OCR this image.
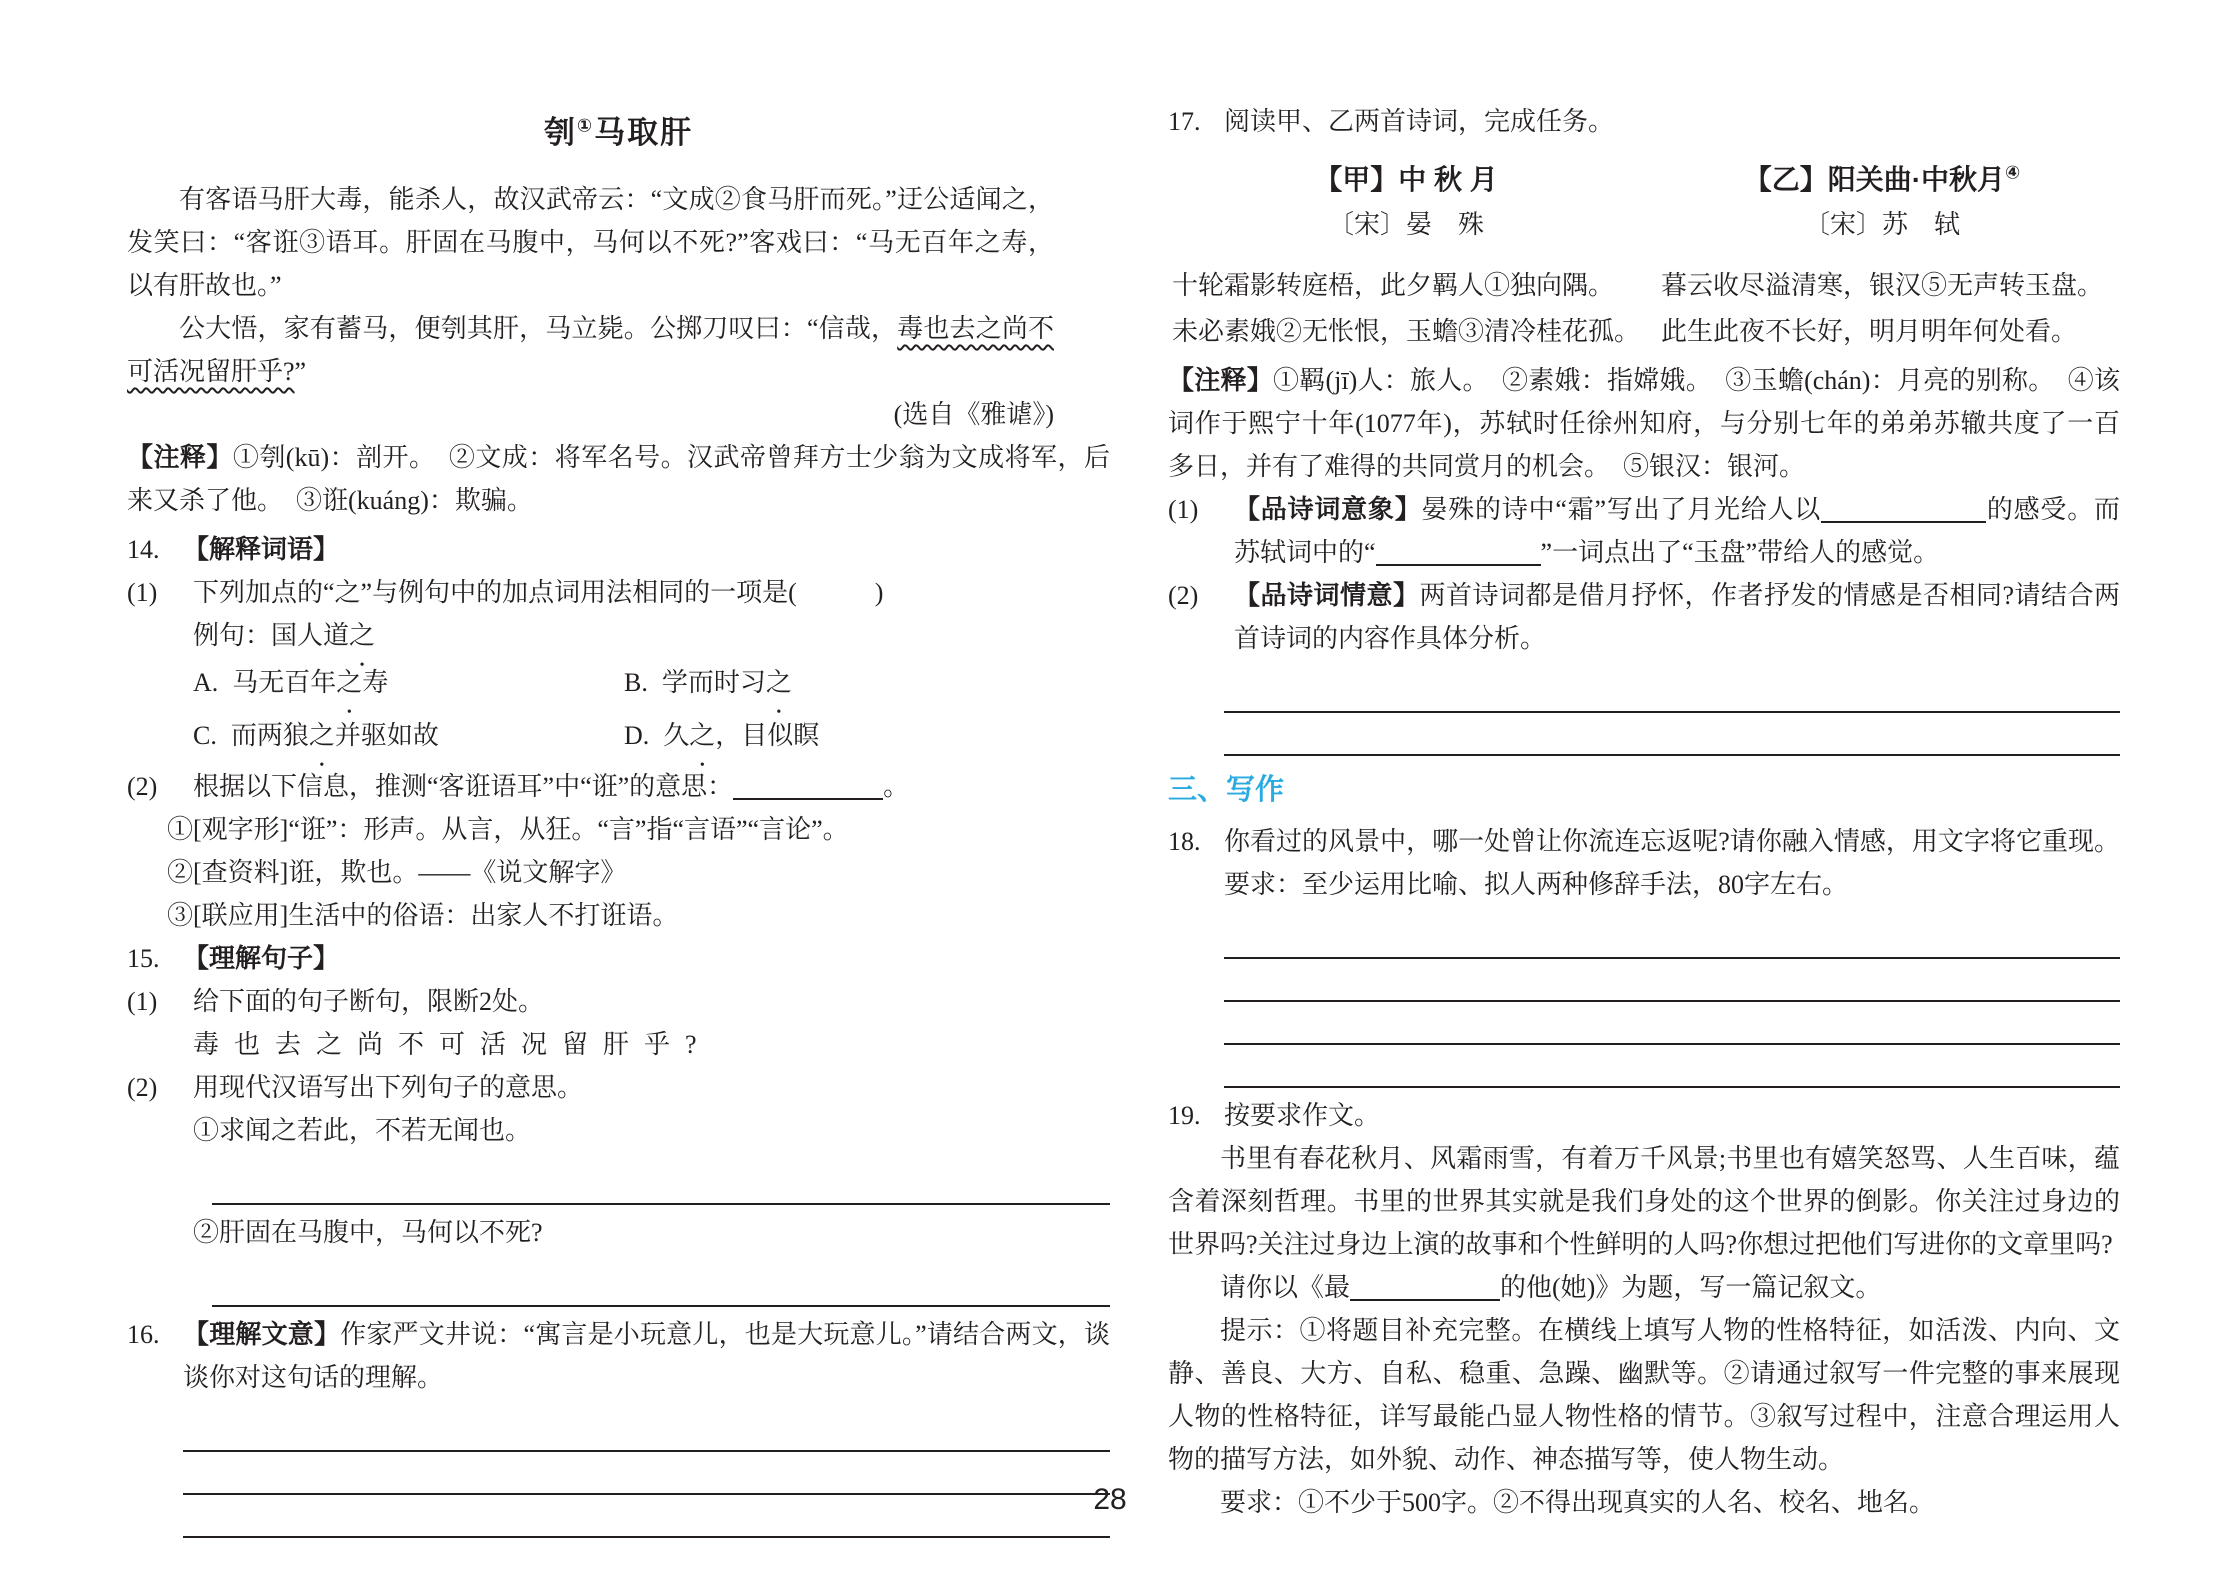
刳①马取肝

有客语马肝大毒，能杀人，故汉武帝云：“文成②食马肝而死。”迂公适闻之，发笑曰：“客诳③语耳。肝固在马腹中，马何以不死?”客戏曰：“马无百年之寿，以有肝故也。”

公大悟，家有蓄马，便刳其肝，马立毙。公掷刀叹曰：“信哉，毒也去之尚不可活况留肝乎?”

(选自《雅谑》)

【注释】①刳(kū)：剖开。　②文成：将军名号。汉武帝曾拜方士少翁为文成将军，后来又杀了他。　③诳(kuáng)：欺骗。

14. 【解释词语】
(1) 下列加点的“之”与例句中的加点词用法相同的一项是(　　　)
例句：国人道之
A. 马无百年之寿	B. 学而时习之
C. 而两狼之并驱如故	D. 久之，目似瞑
(2) 根据以下信息，推测“客诳语耳”中“诳”的意思：	。
①[观字形]“诳”：形声。从言，从狂。“言”指“言语”“言论”。
②[查资料]诳，欺也。——《说文解字》
③[联应用]生活中的俗语：出家人不打诳语。
15. 【理解句子】
(1) 给下面的句子断句，限断2处。
毒也去之尚不可活况留肝乎?
(2) 用现代汉语写出下列句子的意思。
①求闻之若此，不若无闻也。
②肝固在马腹中，马何以不死?
16. 【理解文意】作家严文井说：“寓言是小玩意儿，也是大玩意儿。”请结合两文，谈谈你对这句话的理解。
17. 阅读甲、乙两首诗词，完成任务。
【甲】中 秋 月
〔宋〕晏　殊
十轮霜影转庭梧，此夕羁人①独向隅。
未必素娥②无怅恨，玉蟾③清冷桂花孤。
【乙】阳关曲·中秋月④
〔宋〕苏　轼
暮云收尽溢清寒，银汉⑤无声转玉盘。
此生此夜不长好，明月明年何处看。

【注释】①羁(jī)人：旅人。　②素娥：指嫦娥。　③玉蟾(chán)：月亮的别称。　④该词作于熙宁十年(1077年)，苏轼时任徐州知府，与分别七年的弟弟苏辙共度了一百多日，并有了难得的共同赏月的机会。　⑤银汉：银河。

(1) 【品诗词意象】晏殊的诗中“霜”写出了月光给人以	的感受。而苏轼词中的“	”一词点出了“玉盘”带给人的感觉。
(2) 【品诗词情意】两首诗词都是借月抒怀，作者抒发的情感是否相同?请结合两首诗词的内容作具体分析。
三、写作
18. 你看过的风景中，哪一处曾让你流连忘返呢?请你融入情感，用文字将它重现。要求：至少运用比喻、拟人两种修辞手法，80字左右。
19. 按要求作文。

书里有春花秋月、风霜雨雪，有着万千风景;书里也有嬉笑怒骂、人生百味，蕴含着深刻哲理。书里的世界其实就是我们身处的这个世界的倒影。你关注过身边的世界吗?关注过身边上演的故事和个性鲜明的人吗?你想过把他们写进你的文章里吗?

请你以《最	的他(她)》为题，写一篇记叙文。

提示：①将题目补充完整。在横线上填写人物的性格特征，如活泼、内向、文静、善良、大方、自私、稳重、急躁、幽默等。②请通过叙写一件完整的事来展现人物的性格特征，详写最能凸显人物性格的情节。③叙写过程中，注意合理运用人物的描写方法，如外貌、动作、神态描写等，使人物生动。

要求：①不少于500字。②不得出现真实的人名、校名、地名。

28
